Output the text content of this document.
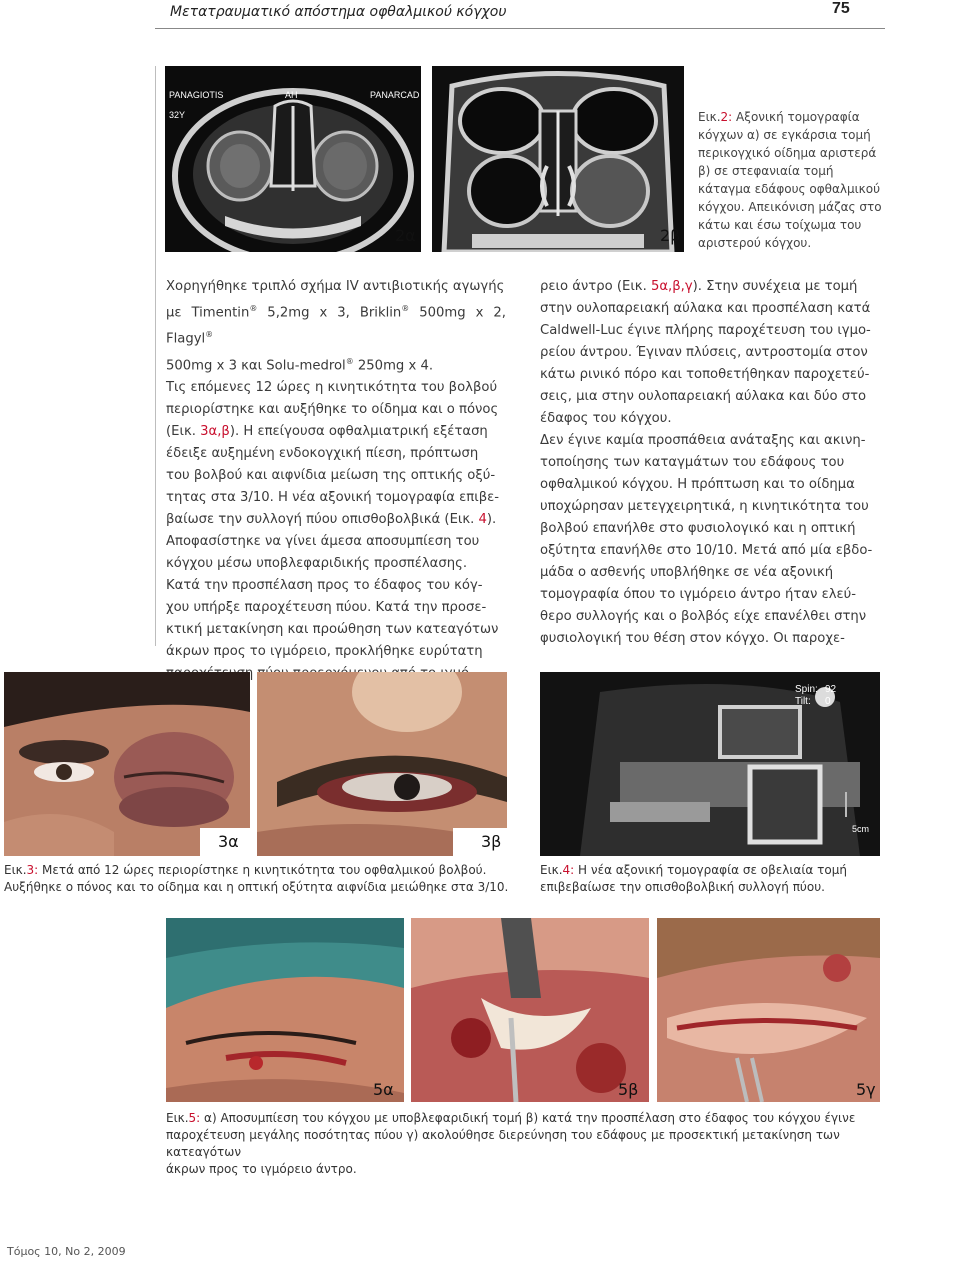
Μετατραυματικό απόστημα οφθαλμικού κόγχου	75
PANAGIOTIS
32Y
AH	PANARCAD
2α	2β
Εικ.2: Αξονική τομογραφία κόγχων α) σε εγκάρσια τομή περικογχικό οίδημα αριστερά β) σε στεφανιαία τομή κάταγμα εδάφους οφθαλμικού κόγχου. Απεικόνιση μάζας στο κάτω και έσω τοίχωμα του αριστερού κόγχου.

Χορηγήθηκε τριπλό σχήμα IV αντιβιοτικής αγωγής

με Timentin® 5,2mg x 3, Briklin® 500mg x 2, Flagyl®

500mg x 3 και Solu-medrol® 250mg x 4.

Τις επόμενες 12 ώρες η κινητικότητα του βολβού

περιορίστηκε και αυξήθηκε το οίδημα και ο πόνος

(Εικ. 3α,β). Η επείγουσα οφθαλμιατρική εξέταση

έδειξε αυξημένη ενδοκογχική πίεση, πρόπτωση

του βολβού και αιφνίδια μείωση της οπτικής οξύ-

τητας στα 3/10. Η νέα αξονική τομογραφία επιβε-

βαίωσε την συλλογή πύου οπισθοβολβικά (Εικ. 4).

Αποφασίστηκε να γίνει άμεσα αποσυμπίεση του

κόγχου μέσω υποβλεφαριδικής προσπέλασης.

Κατά την προσπέλαση προς το έδαφος του κόγ-

χου υπήρξε παροχέτευση πύου. Κατά την προσε-

κτική μετακίνηση και προώθηση των κατεαγότων

άκρων προς το ιγμόρειο, προκλήθηκε ευρύτατη

ρειο άντρο (Εικ. 5α,β,γ). Στην συνέχεια με τομή

στην ουλοπαρειακή αύλακα και προσπέλαση κατά

Caldwell-Luc έγινε πλήρης παροχέτευση του ιγμο-

ρείου άντρου. Έγιναν πλύσεις, αντροστομία στον

κάτω ρινικό πόρο και τοποθετήθηκαν παροχετεύ-

σεις, μια στην ουλοπαρειακή αύλακα και δύο στο

έδαφος του κόγχου.

Δεν έγινε καμία προσπάθεια ανάταξης και ακινη-

τοποίησης των καταγμάτων του εδάφους του

οφθαλμικού κόγχου. Η πρόπτωση και το οίδημα

υποχώρησαν μετεγχειρητικά, η κινητικότητα του

βολβού επανήλθε στο φυσιολογικό και η οπτική

οξύτητα επανήλθε στο 10/10. Μετά από μία εβδο-

μάδα ο ασθενής υποβλήθηκε σε νέα αξονική

τομογραφία όπου το ιγμόρειο άντρο ήταν ελεύ-

θερο συλλογής και ο βολβός είχε επανέλθει στην

φυσιολογική του θέση στον κόγχο. Οι παροχε-

3α	3β
Spin: 92
Tilt: 0
5cm
Εικ.3: Μετά από 12 ώρες περιορίστηκε η κινητικότητα του οφθαλμικού βολβού.
Αυξήθηκε ο πόνος και το οίδημα και η οπτική οξύτητα αιφνίδια μειώθηκε στα 3/10.
Εικ.4: Η νέα αξονική τομογραφία σε οβελιαία τομή
επιβεβαίωσε την οπισθοβολβική συλλογή πύου.
5α	5β	5γ
Εικ.5: α) Αποσυμπίεση του κόγχου με υποβλεφαριδική τομή β) κατά την προσπέλαση στο έδαφος του κόγχου έγινε
παροχέτευση μεγάλης ποσότητας πύου γ) ακολούθησε διερεύνηση του εδάφους με προσεκτική μετακίνηση των κατεαγότων
άκρων προς το ιγμόρειο άντρο.
Τόμος 10, Νο 2, 2009
